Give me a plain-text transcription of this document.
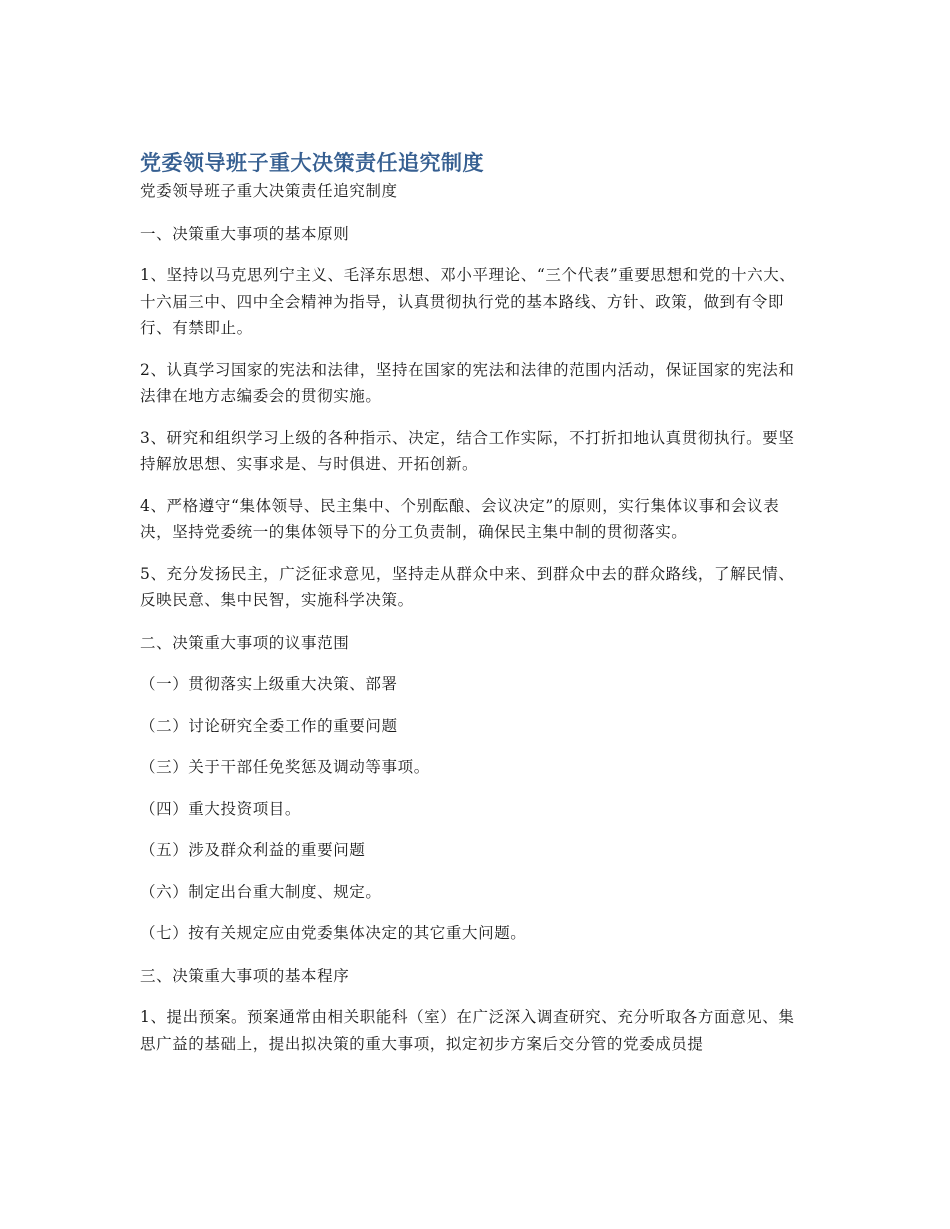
党委领导班子重大决策责任追究制度

党委领导班子重大决策责任追究制度

一、决策重大事项的基本原则

1、坚持以马克思列宁主义、毛泽东思想、邓小平理论、“三个代表”重要思想和党的十六大、十六届三中、四中全会精神为指导，认真贯彻执行党的基本路线、方针、政策，做到有令即行、有禁即止。

2、认真学习国家的宪法和法律，坚持在国家的宪法和法律的范围内活动，保证国家的宪法和法律在地方志编委会的贯彻实施。

3、研究和组织学习上级的各种指示、决定，结合工作实际，不打折扣地认真贯彻执行。要坚持解放思想、实事求是、与时俱进、开拓创新。

4、严格遵守“集体领导、民主集中、个别酝酿、会议决定”的原则，实行集体议事和会议表决，坚持党委统一的集体领导下的分工负责制，确保民主集中制的贯彻落实。

5、充分发扬民主，广泛征求意见，坚持走从群众中来、到群众中去的群众路线，了解民情、反映民意、集中民智，实施科学决策。

二、决策重大事项的议事范围

（一）贯彻落实上级重大决策、部署

（二）讨论研究全委工作的重要问题

（三）关于干部任免奖惩及调动等事项。

（四）重大投资项目。

（五）涉及群众利益的重要问题

（六）制定出台重大制度、规定。

（七）按有关规定应由党委集体决定的其它重大问题。

三、决策重大事项的基本程序

1、提出预案。预案通常由相关职能科（室）在广泛深入调查研究、充分听取各方面意见、集思广益的基础上，提出拟决策的重大事项，拟定初步方案后交分管的党委成员提
